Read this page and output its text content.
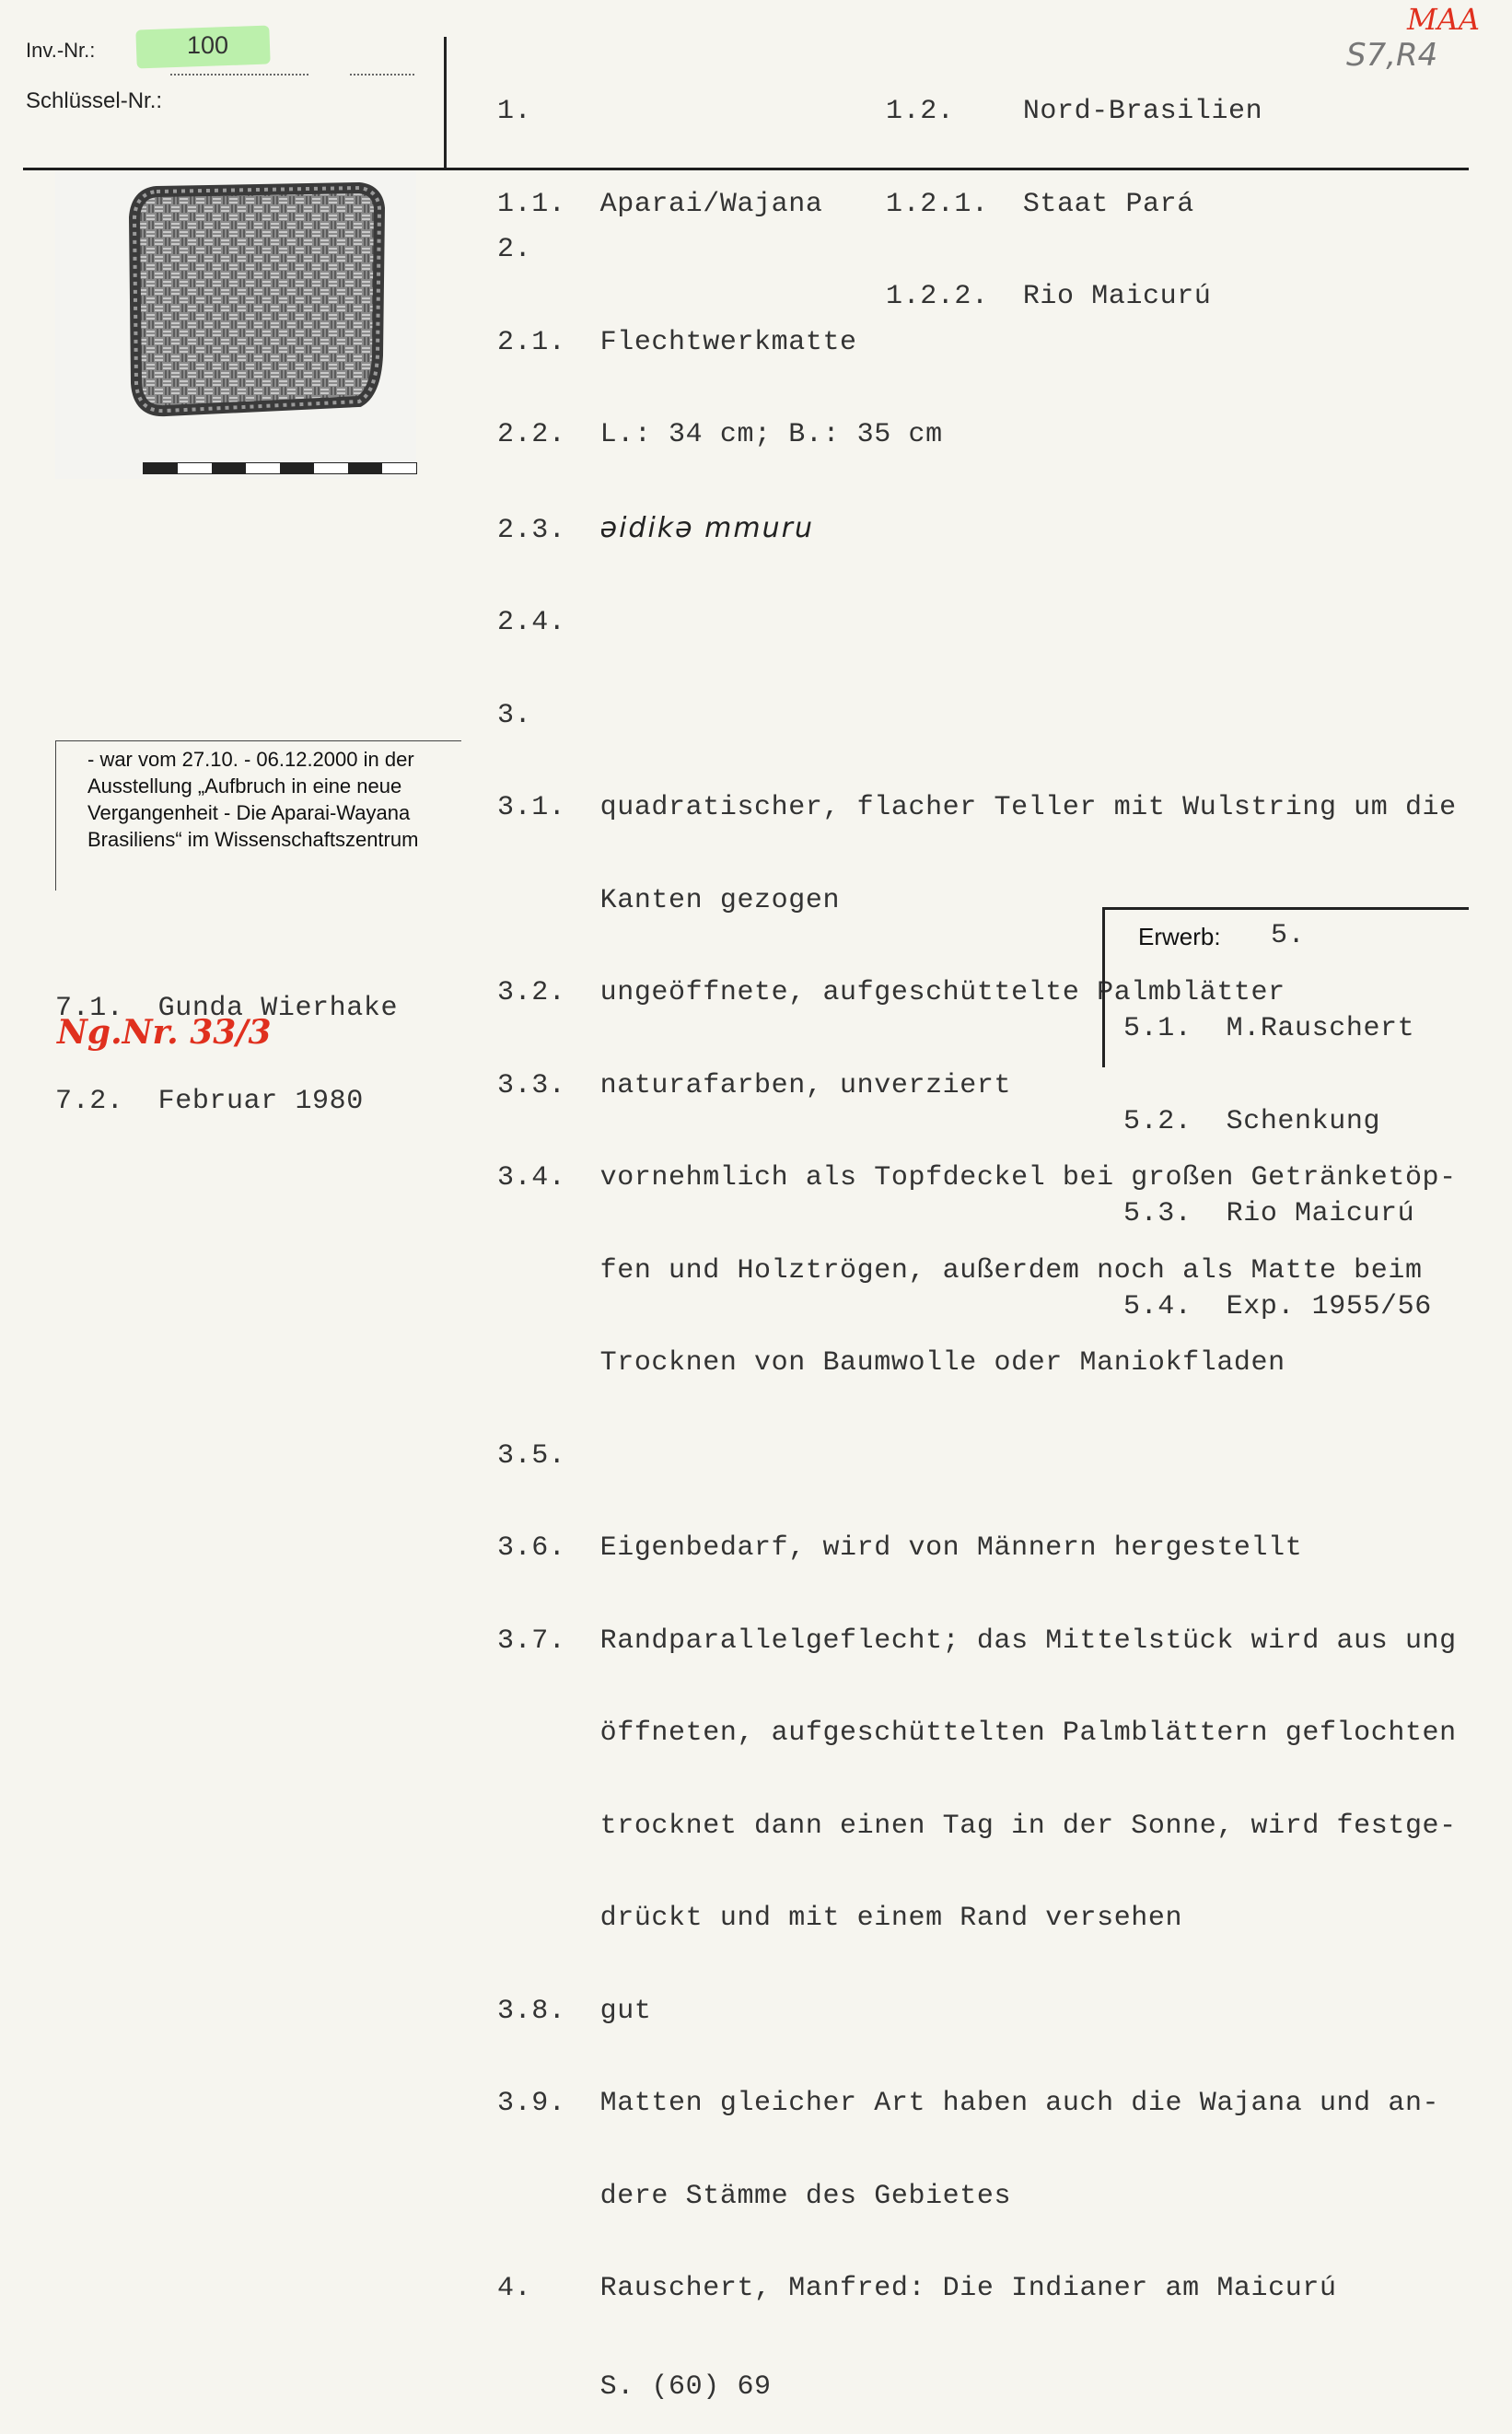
Inv.-Nr.:	100
Schlüssel-Nr.:

	1.

1.1.  Aparai/Wajana

1.2.    Nord-Brasilien

1.2.1.  Staat Pará

1.2.2.  Rio Maicurú

MAA
S7,R4

2.

2.1.  Flechtwerkmatte

2.2.  L.: 34 cm; B.: 35 cm

2.3.  əidikə mmuru

2.4.

3.

3.1.  quadratischer, flacher Teller mit Wulstring um die

Kanten gezogen

3.2.  ungeöffnete, aufgeschüttelte Palmblätter

3.3.  naturafarben, unverziert

3.4.  vornehmlich als Topfdeckel bei großen Getränketöp-

fen und Holztrögen, außerdem noch als Matte beim

Trocknen von Baumwolle oder Maniokfladen

3.5.

3.6.  Eigenbedarf, wird von Männern hergestellt

3.7.  Randparallelgeflecht; das Mittelstück wird aus ung

öffneten, aufgeschüttelten Palmblättern geflochten

trocknet dann einen Tag in der Sonne, wird festge-

drückt und mit einem Rand versehen

3.8.  gut

3.9.  Matten gleicher Art haben auch die Wajana und an-

dere Stämme des Gebietes

4.    Rauschert, Manfred: Die Indianer am Maicurú

S. (60) 69

- war vom 27.10. - 06.12.2000 in der Ausstellung „Aufbruch in eine neue Vergangenheit - Die Aparai-Wayana Brasiliens“ im Wissenschaftszentrum

7.1.  Gunda Wierhake

7.2.  Februar 1980

Ng.Nr. 33/3
Erwerb: 5.

5.1.  M.Rauschert

5.2.  Schenkung

5.3.  Rio Maicurú

5.4.  Exp. 1955/56
